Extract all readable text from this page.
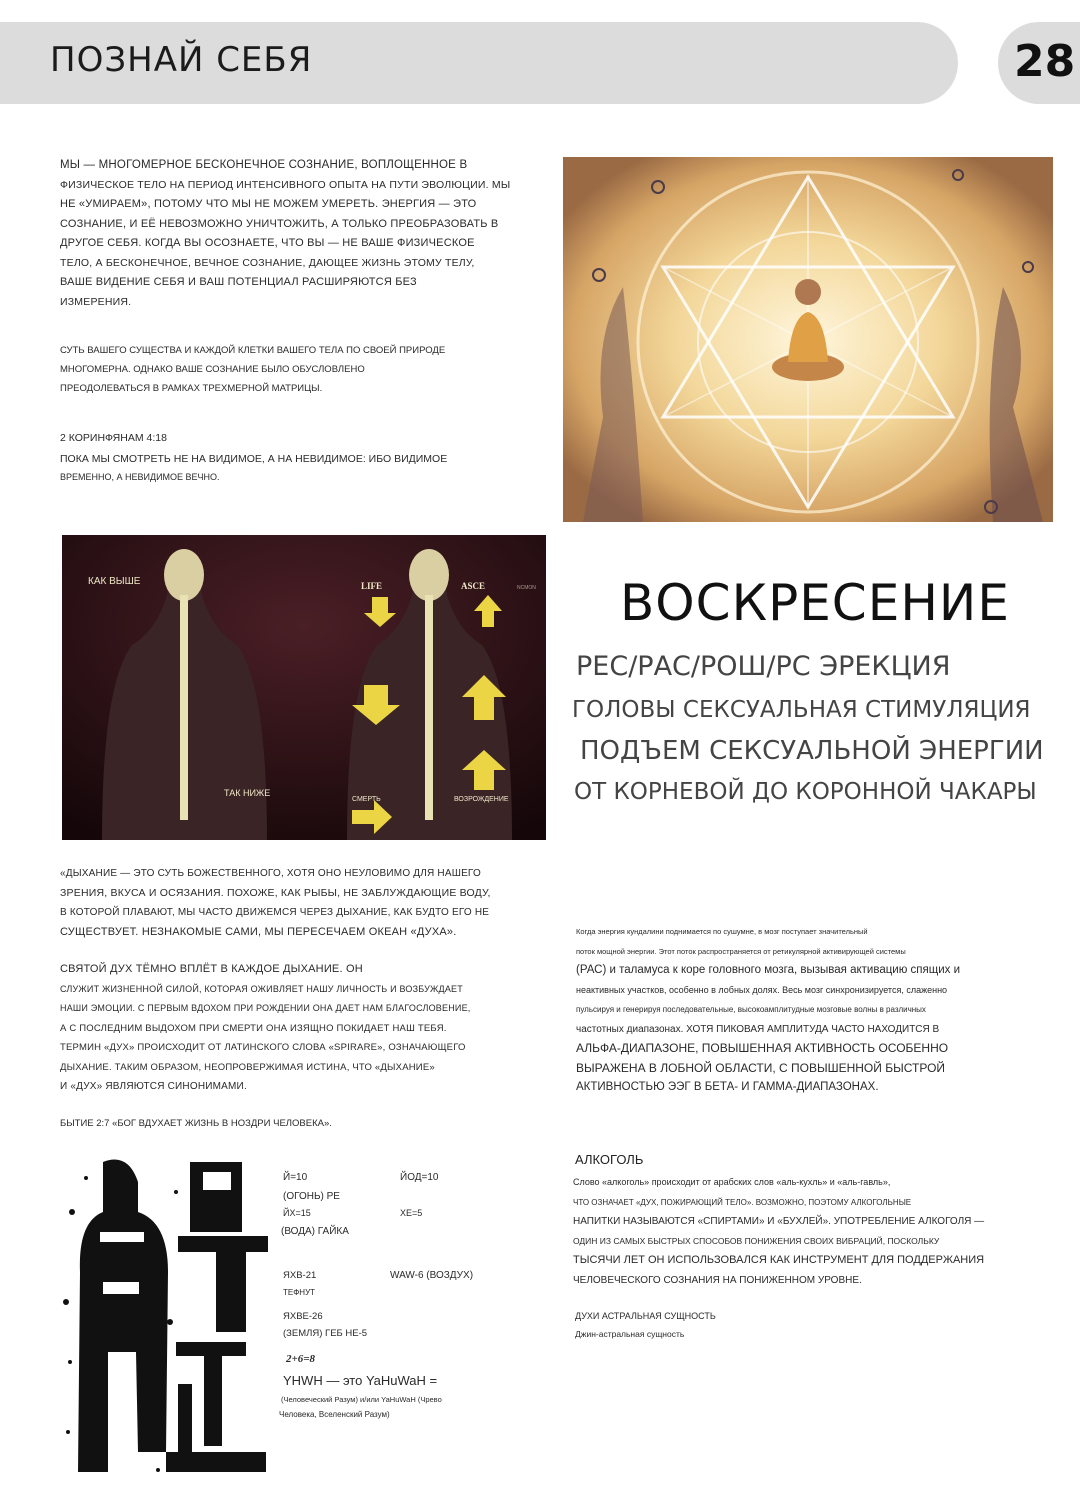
ПОЗНАЙ СЕБЯ	28
МЫ — МНОГОМЕРНОЕ БЕСКОНЕЧНОЕ СОЗНАНИЕ, ВОПЛОЩЕННОЕ В
ФИЗИЧЕСКОЕ ТЕЛО НА ПЕРИОД ИНТЕНСИВНОГО ОПЫТА НА ПУТИ ЭВОЛЮЦИИ. МЫ
НЕ «УМИРАЕМ», ПОТОМУ ЧТО МЫ НЕ МОЖЕМ УМЕРЕТЬ. ЭНЕРГИЯ — ЭТО
СОЗНАНИЕ, И ЕЁ НЕВОЗМОЖНО УНИЧТОЖИТЬ, А ТОЛЬКО ПРЕОБРАЗОВАТЬ В
ДРУГОЕ СЕБЯ. КОГДА ВЫ ОСОЗНАЕТЕ, ЧТО ВЫ — НЕ ВАШЕ ФИЗИЧЕСКОЕ
ТЕЛО, А БЕСКОНЕЧНОЕ, ВЕЧНОЕ СОЗНАНИЕ, ДАЮЩЕЕ ЖИЗНЬ ЭТОМУ ТЕЛУ,
ВАШЕ ВИДЕНИЕ СЕБЯ И ВАШ ПОТЕНЦИАЛ РАСШИРЯЮТСЯ БЕЗ
ИЗМЕРЕНИЯ.
СУТЬ ВАШЕГО СУЩЕСТВА И КАЖДОЙ КЛЕТКИ ВАШЕГО ТЕЛА ПО СВОЕЙ ПРИРОДЕ
МНОГОМЕРНА. ОДНАКО ВАШЕ СОЗНАНИЕ БЫЛО ОБУСЛОВЛЕНО
ПРЕОДОЛЕВАТЬСЯ В РАМКАХ ТРЕХМЕРНОЙ МАТРИЦЫ.
2 КОРИНФЯНАМ 4:18
ПОКА МЫ СМОТРЕТЬ НЕ НА ВИДИМОЕ, А НА НЕВИДИМОЕ: ИБО ВИДИМОЕ
ВРЕМЕННО, А НЕВИДИМОЕ ВЕЧНО.
КАК ВЫШЕ
ТАК НИЖЕ
LIFE	ASCE	NCMON
СМЕРТЬ	ВОЗРОЖДЕНИЕ
ВОСКРЕСЕНИЕ
РЕС/РАС/РОШ/РС ЭРЕКЦИЯ
ГОЛОВЫ СЕКСУАЛЬНАЯ СТИМУЛЯЦИЯ
ПОДЪЕМ СЕКСУАЛЬНОЙ ЭНЕРГИИ
ОТ КОРНЕВОЙ ДО КОРОННОЙ ЧАКАРЫ
«ДЫХАНИЕ — ЭТО СУТЬ БОЖЕСТВЕННОГО, ХОТЯ ОНО НЕУЛОВИМО ДЛЯ НАШЕГО
ЗРЕНИЯ, ВКУСА И ОСЯЗАНИЯ. ПОХОЖЕ, КАК РЫБЫ, НЕ ЗАБЛУЖДАЮЩИЕ ВОДУ,
В КОТОРОЙ ПЛАВАЮТ, МЫ ЧАСТО ДВИЖЕМСЯ ЧЕРЕЗ ДЫХАНИЕ, КАК БУДТО ЕГО НЕ
СУЩЕСТВУЕТ. НЕЗНАКОМЫЕ САМИ, МЫ ПЕРЕСЕЧАЕМ ОКЕАН «ДУХА».
СВЯТОЙ ДУХ ТЁМНО ВПЛЁТ В КАЖДОЕ ДЫХАНИЕ. ОН
СЛУЖИТ ЖИЗНЕННОЙ СИЛОЙ, КОТОРАЯ ОЖИВЛЯЕТ НАШУ ЛИЧНОСТЬ И ВОЗБУЖДАЕТ
НАШИ ЭМОЦИИ. С ПЕРВЫМ ВДОХОМ ПРИ РОЖДЕНИИ ОНА ДАЕТ НАМ БЛАГОСЛОВЕНИЕ,
А С ПОСЛЕДНИМ ВЫДОХОМ ПРИ СМЕРТИ ОНА ИЗЯЩНО ПОКИДАЕТ НАШ ТЕБЯ.
ТЕРМИН «ДУХ» ПРОИСХОДИТ ОТ ЛАТИНСКОГО СЛОВА «SPIRARE», ОЗНАЧАЮЩЕГО
ДЫХАНИЕ. ТАКИМ ОБРАЗОМ, НЕОПРОВЕРЖИМАЯ ИСТИНА, ЧТО «ДЫХАНИЕ»
И «ДУХ» ЯВЛЯЮТСЯ СИНОНИМАМИ.
БЫТИЕ 2:7 «БОГ ВДУХАЕТ ЖИЗНЬ В НОЗДРИ ЧЕЛОВЕКА».
Когда энергия кундалини поднимается по сушумне, в мозг поступает значительный
поток мощной энергии. Этот поток распространяется от ретикулярной активирующей системы
(РАС) и таламуса к коре головного мозга, вызывая активацию спящих и
неактивных участков, особенно в лобных долях. Весь мозг синхронизируется, слаженно
пульсируя и генерируя последовательные, высокоамплитудные мозговые волны в различных
частотных диапазонах. ХОТЯ ПИКОВАЯ АМПЛИТУДА ЧАСТО НАХОДИТСЯ В
АЛЬФА-ДИАПАЗОНЕ, ПОВЫШЕННАЯ АКТИВНОСТЬ ОСОБЕННО
ВЫРАЖЕНА В ЛОБНОЙ ОБЛАСТИ, С ПОВЫШЕННОЙ БЫСТРОЙ
АКТИВНОСТЬЮ ЭЭГ В БЕТА- И ГАММА-ДИАПАЗОНАХ.
Й=10	ЙОД=10
(ОГОНЬ) РЕ
ЙХ=15	ХЕ=5
(ВОДА) ГАЙКА
ЯХВ-21	WAW-6 (ВОЗДУХ)
ТЕФНУТ
ЯХВЕ-26
(ЗЕМЛЯ) ГЕБ НЕ-5
2+6=8
YHWH — это YaHuWaH =
(Человеческий Разум) и/или YaHuWaH (Чрево
Человека, Вселенский Разум)
АЛКОГОЛЬ
Слово «алкоголь» происходит от арабских слов «аль-кухль» и «аль-гавль»,
ЧТО ОЗНАЧАЕТ «ДУХ, ПОЖИРАЮЩИЙ ТЕЛО». ВОЗМОЖНО, ПОЭТОМУ АЛКОГОЛЬНЫЕ
НАПИТКИ НАЗЫВАЮТСЯ «СПИРТАМИ» И «БУХЛЕЙ». УПОТРЕБЛЕНИЕ АЛКОГОЛЯ —
ОДИН ИЗ САМЫХ БЫСТРЫХ СПОСОБОВ ПОНИЖЕНИЯ СВОИХ ВИБРАЦИЙ, ПОСКОЛЬКУ
ТЫСЯЧИ ЛЕТ ОН ИСПОЛЬЗОВАЛСЯ КАК ИНСТРУМЕНТ ДЛЯ ПОДДЕРЖАНИЯ
ЧЕЛОВЕЧЕСКОГО СОЗНАНИЯ НА ПОНИЖЕННОМ УРОВНЕ.
ДУХИ АСТРАЛЬНАЯ СУЩНОСТЬ
Джин-астральная сущность
